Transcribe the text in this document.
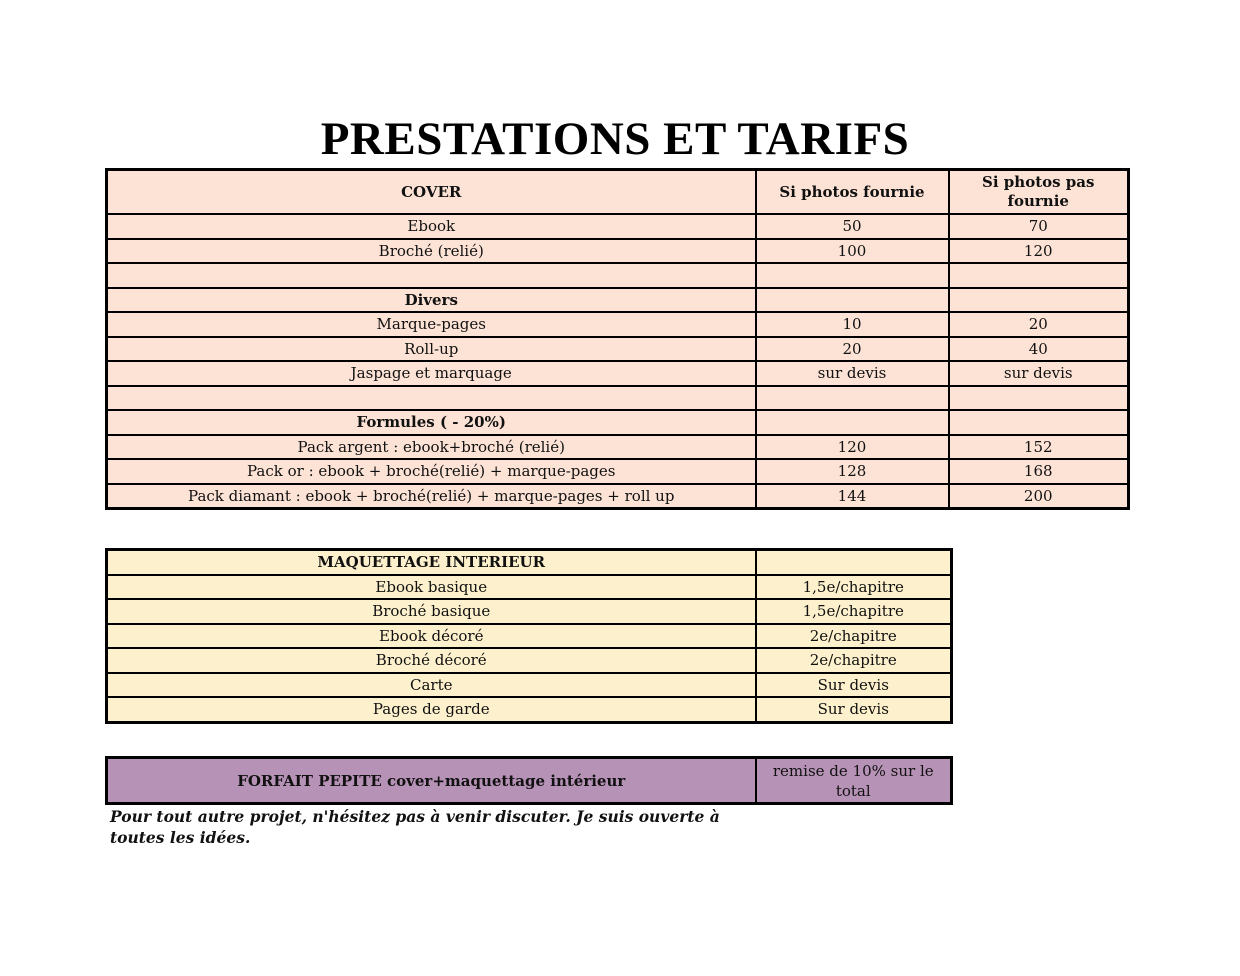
PRESTATIONS ET TARIFS
COVER	Si photos fournie	Si photos pas fournie
Ebook	50	70
Broché (relié)	100	120

Divers		
Marque-pages	10	20
Roll-up	20	40
Jaspage et marquage	sur devis	sur devis

Formules ( - 20%)		
Pack argent : ebook+broché (relié)	120	152
Pack or : ebook + broché(relié) + marque-pages	128	168
Pack diamant : ebook + broché(relié) + marque-pages + roll up	144	200
MAQUETTAGE INTERIEUR	
Ebook basique	1,5e/chapitre
Broché basique	1,5e/chapitre
Ebook décoré	2e/chapitre
Broché décoré	2e/chapitre
Carte	Sur devis
Pages de garde	Sur devis
FORFAIT PEPITE cover+maquettage intérieur	remise de 10% sur le total
Pour tout autre projet, n'hésitez pas à venir discuter. Je suis ouverte à toutes les idées.
